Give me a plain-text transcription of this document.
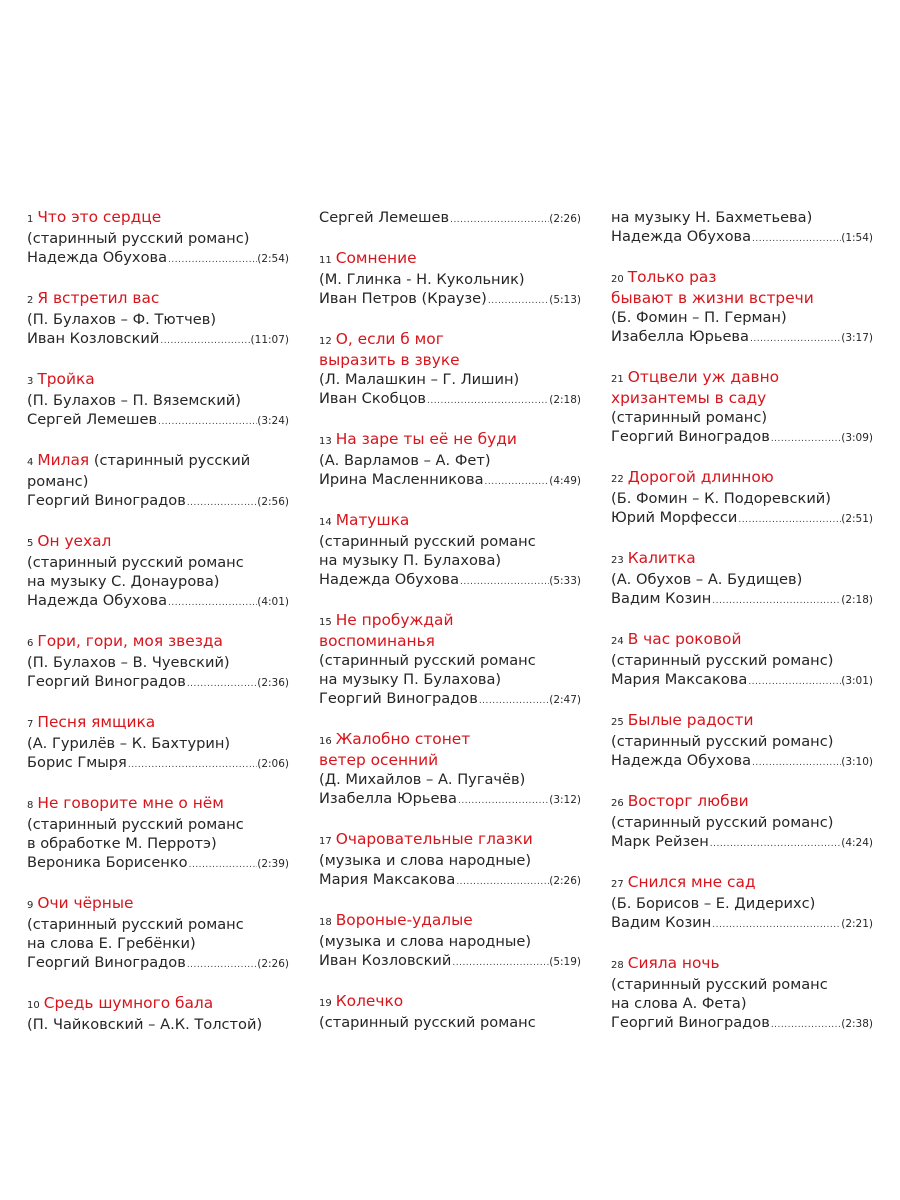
1 Что это сердце
(старинный русский романс)
Надежда Обухова .....	(2:54)
2 Я встретил вас
(П. Булахов – Ф. Тютчев)
Иван Козловский .....	(11:07)
3 Тройка
(П. Булахов – П. Вяземский)
Сергей Лемешев .....	(3:24)
4 Милая (старинный русский
романс)
Георгий Виноградов .....	(2:56)
5 Он уехал
(старинный русский романс
на музыку С. Донаурова)
Надежда Обухова .....	(4:01)
6 Гори, гори, моя звезда
(П. Булахов – В. Чуевский)
Георгий Виноградов .....	(2:36)
7 Песня ямщика
(А. Гурилёв – К. Бахтурин)
Борис Гмыря .....	(2:06)
8 Не говорите мне о нём
(старинный русский романс
в обработке М. Перротэ)
Вероника Борисенко .....	(2:39)
9 Очи чёрные
(старинный русский романс
на слова Е. Гребёнки)
Георгий Виноградов .....	(2:26)
10 Средь шумного бала
(П. Чайковский – А.К. Толстой)
Сергей Лемешев .....	(2:26)
11 Сомнение
(М. Глинка - Н. Кукольник)
Иван Петров (Краузе) .....	(5:13)
12 О, если б мог
выразить в звуке
(Л. Малашкин – Г. Лишин)
Иван Скобцов .....	(2:18)
13 На заре ты её не буди
(А. Варламов – А. Фет)
Ирина Масленникова .....	(4:49)
14 Матушка
(старинный русский романс
на музыку П. Булахова)
Надежда Обухова .....	(5:33)
15 Не пробуждай
воспоминанья
(старинный русский романс
на музыку П. Булахова)
Георгий Виноградов .....	(2:47)
16 Жалобно стонет
ветер осенний
(Д. Михайлов – А. Пугачёв)
Изабелла Юрьева .....	(3:12)
17 Очаровательные глазки
(музыка и слова народные)
Мария Максакова .....	(2:26)
18 Вороные-удалые
(музыка и слова народные)
Иван Козловский .....	(5:19)
19 Колечко
(старинный русский романс
на музыку Н. Бахметьева)
Надежда Обухова .....	(1:54)
20 Только раз
бывают в жизни встречи
(Б. Фомин – П. Герман)
Изабелла Юрьева .....	(3:17)
21 Отцвели уж давно
хризантемы в саду
(старинный романс)
Георгий Виноградов .....	(3:09)
22 Дорогой длинною
(Б. Фомин – К. Подоревский)
Юрий Морфесси .....	(2:51)
23 Калитка
(А. Обухов – А. Будищев)
Вадим Козин .....	(2:18)
24 В час роковой
(старинный русский романс)
Мария Максакова .....	(3:01)
25 Былые радости
(старинный русский романс)
Надежда Обухова .....	(3:10)
26 Восторг любви
(старинный русский романс)
Марк Рейзен .....	(4:24)
27 Снился мне сад
(Б. Борисов – Е. Дидерихс)
Вадим Козин .....	(2:21)
28 Сияла ночь
(старинный русский романс
на слова А. Фета)
Георгий Виноградов .....	(2:38)
